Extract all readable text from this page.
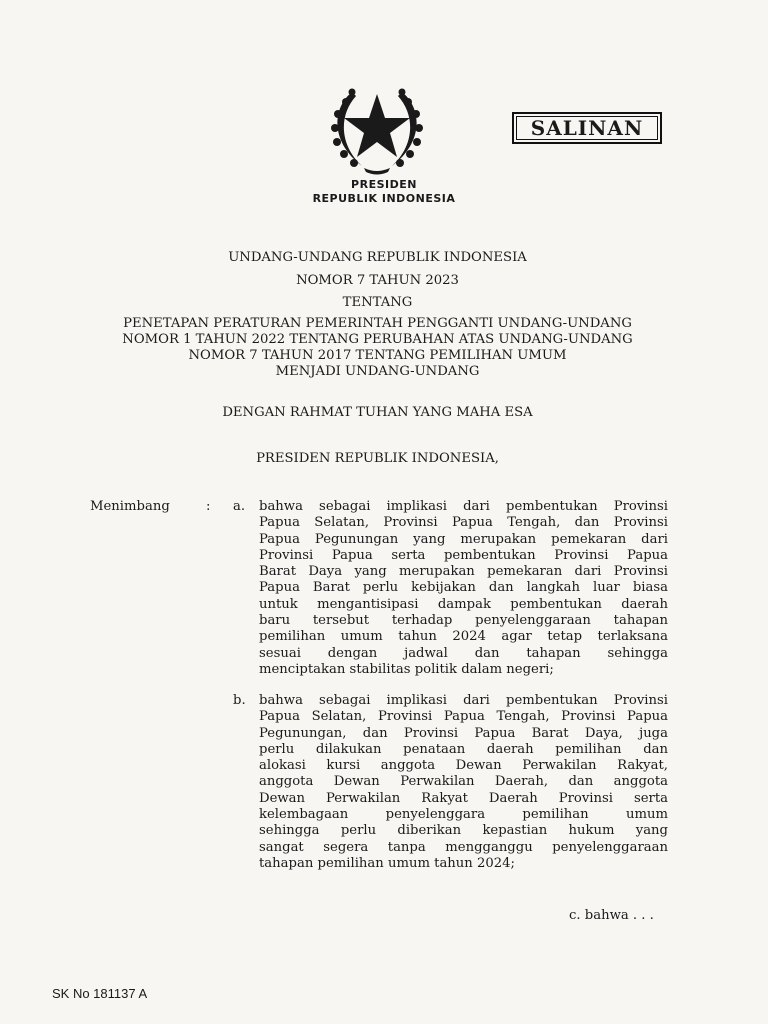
SALINAN
PRESIDEN
REPUBLIK INDONESIA
UNDANG-UNDANG REPUBLIK INDONESIA
NOMOR 7 TAHUN 2023
TENTANG
PENETAPAN PERATURAN PEMERINTAH PENGGANTI UNDANG-UNDANG
NOMOR 1 TAHUN 2022 TENTANG PERUBAHAN ATAS UNDANG-UNDANG
NOMOR 7 TAHUN 2017 TENTANG PEMILIHAN UMUM
MENJADI UNDANG-UNDANG
DENGAN RAHMAT TUHAN YANG MAHA ESA
PRESIDEN REPUBLIK INDONESIA,
Menimbang	: a. bahwa sebagai implikasi dari pembentukan Provinsi
Papua Selatan, Provinsi Papua Tengah, dan Provinsi
Papua Pegunungan yang merupakan pemekaran dari
Provinsi Papua serta pembentukan Provinsi Papua
Barat Daya yang merupakan pemekaran dari Provinsi
Papua Barat perlu kebijakan dan langkah luar biasa
untuk mengantisipasi dampak pembentukan daerah
baru tersebut terhadap penyelenggaraan tahapan
pemilihan umum tahun 2024 agar tetap terlaksana
sesuai dengan jadwal dan tahapan sehingga
menciptakan stabilitas politik dalam negeri;
b. bahwa sebagai implikasi dari pembentukan Provinsi
Papua Selatan, Provinsi Papua Tengah, Provinsi Papua
Pegunungan, dan Provinsi Papua Barat Daya, juga
perlu dilakukan penataan daerah pemilihan dan
alokasi kursi anggota Dewan Perwakilan Rakyat,
anggota Dewan Perwakilan Daerah, dan anggota
Dewan Perwakilan Rakyat Daerah Provinsi serta
kelembagaan penyelenggara pemilihan umum
sehingga perlu diberikan kepastian hukum yang
sangat segera tanpa mengganggu penyelenggaraan
tahapan pemilihan umum tahun 2024;
c. bahwa . . .
SK No 181137 A
